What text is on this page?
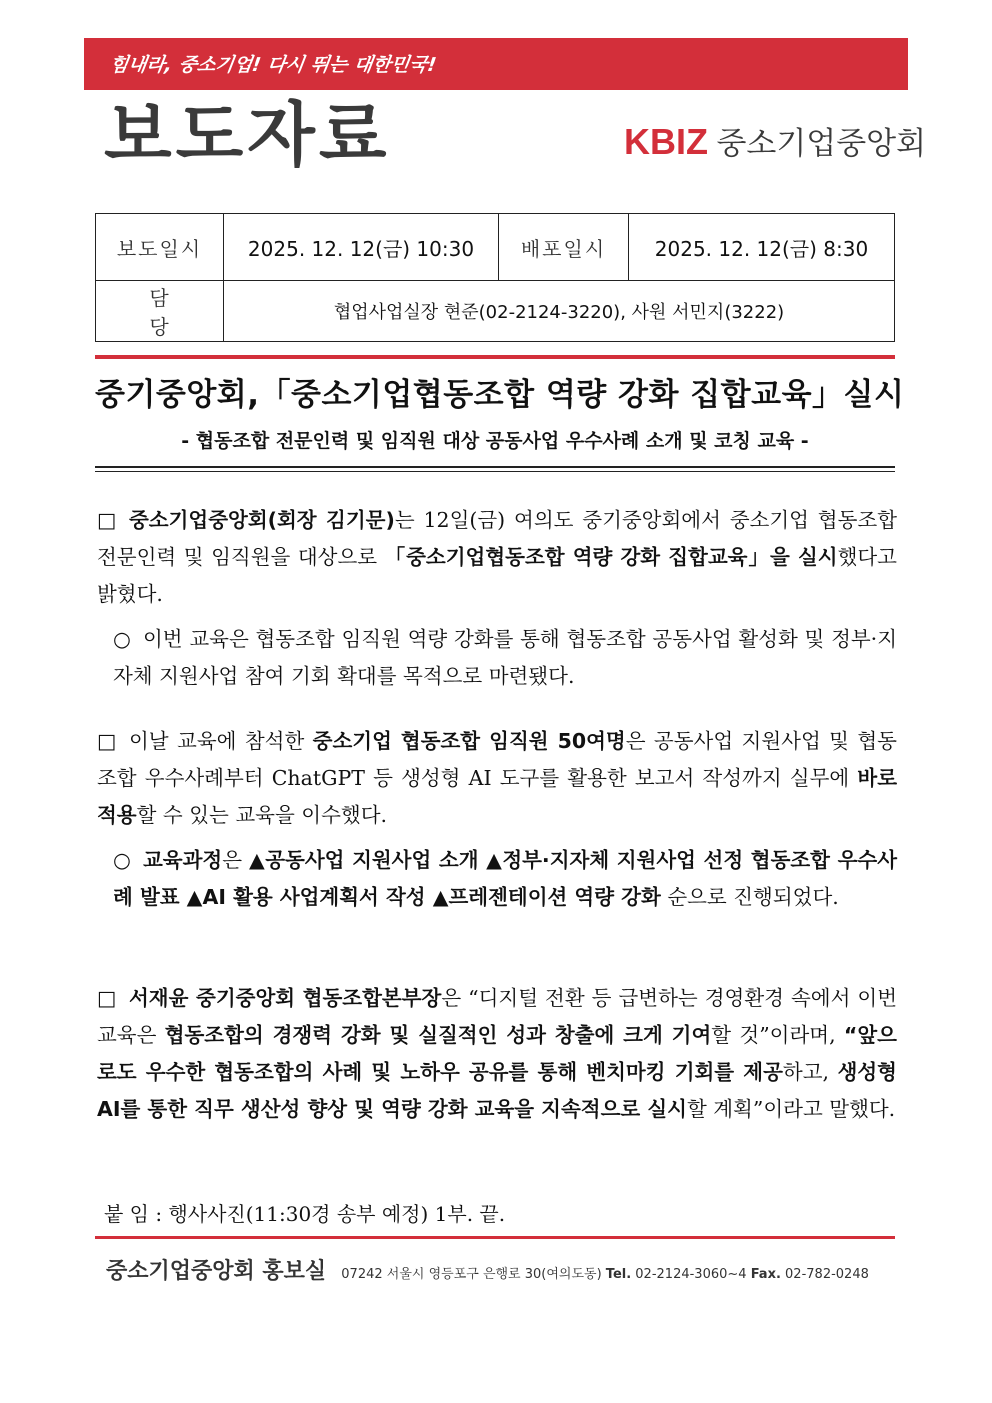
힘내라, 중소기업! 다시 뛰는 대한민국!
보도자료	KBIZ 중소기업중앙회
보도일시	2025. 12. 12(금) 10:30	배포일시	2025. 12. 12(금) 8:30
담 당	협업사업실장 현준(02-2124-3220), 사원 서민지(3222)		
중기중앙회,「중소기업협동조합 역량 강화 집합교육」실시
- 협동조합 전문인력 및 임직원 대상 공동사업 우수사례 소개 및 코칭 교육 -
□ 중소기업중앙회(회장 김기문)는 12일(금) 여의도 중기중앙회에서 중소기업 협동조합 전문인력 및 임직원을 대상으로 「중소기업협동조합 역량 강화 집합교육」을 실시했다고 밝혔다.
○ 이번 교육은 협동조합 임직원 역량 강화를 통해 협동조합 공동사업 활성화 및 정부·지자체 지원사업 참여 기회 확대를 목적으로 마련됐다.
□ 이날 교육에 참석한 중소기업 협동조합 임직원 50여명은 공동사업 지원사업 및 협동조합 우수사례부터 ChatGPT 등 생성형 AI 도구를 활용한 보고서 작성까지 실무에 바로 적용할 수 있는 교육을 이수했다.
○ 교육과정은 ▲공동사업 지원사업 소개 ▲정부·지자체 지원사업 선정 협동조합 우수사례 발표 ▲AI 활용 사업계획서 작성 ▲프레젠테이션 역량 강화 순으로 진행되었다.
□ 서재윤 중기중앙회 협동조합본부장은 “디지털 전환 등 급변하는 경영환경 속에서 이번 교육은 협동조합의 경쟁력 강화 및 실질적인 성과 창출에 크게 기여할 것”이라며, “앞으로도 우수한 협동조합의 사례 및 노하우 공유를 통해 벤치마킹 기회를 제공하고, 생성형 AI를 통한 직무 생산성 향상 및 역량 강화 교육을 지속적으로 실시할 계획”이라고 말했다.
붙 임 : 행사사진(11:30경 송부 예정) 1부. 끝.
중소기업중앙회 홍보실 07242 서울시 영등포구 은행로 30(여의도동) Tel. 02-2124-3060~4 Fax. 02-782-0248
